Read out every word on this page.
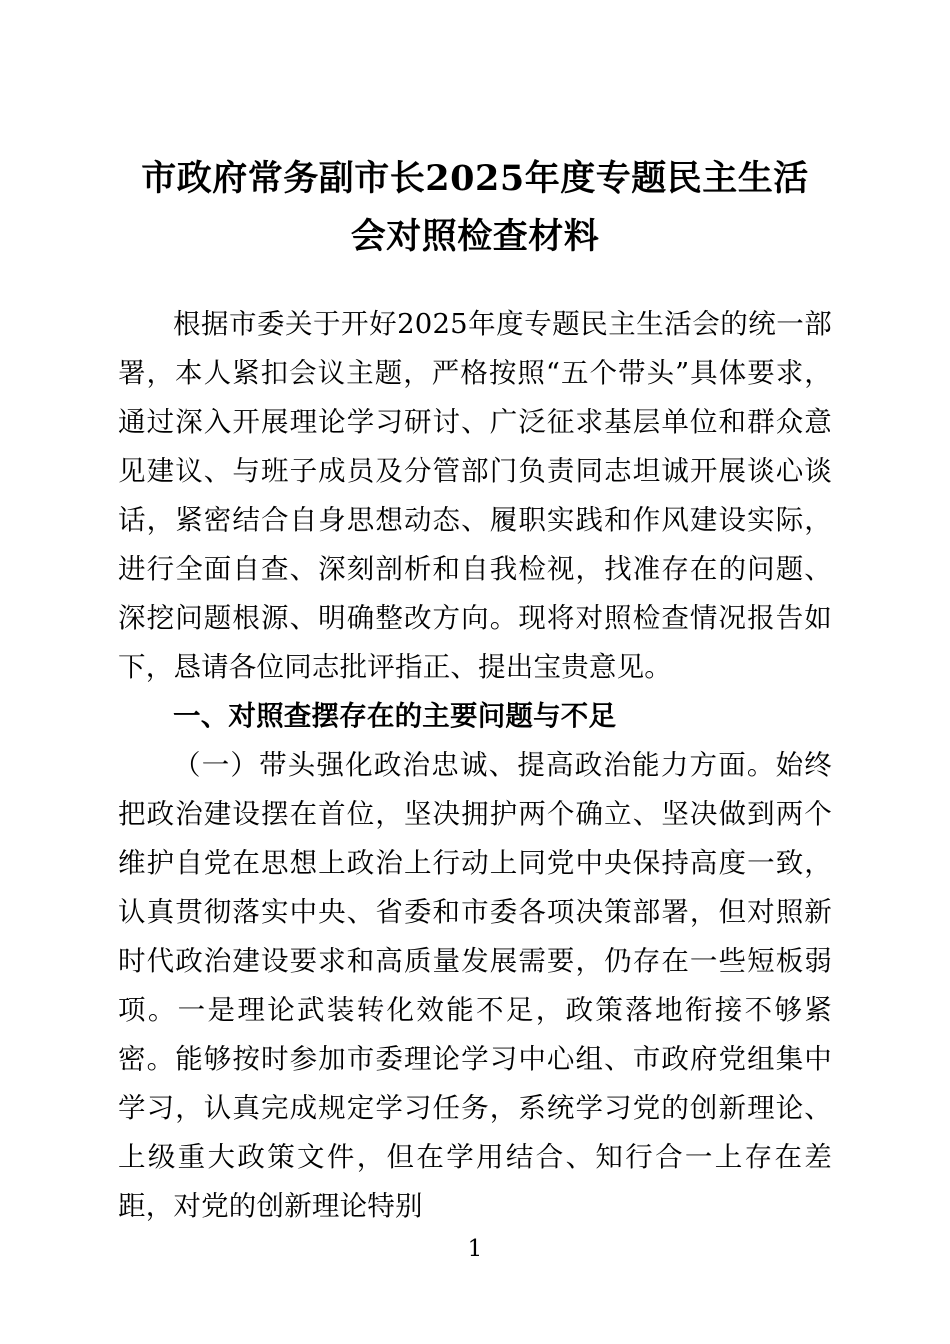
市政府常务副市长2025年度专题民主生活会对照检查材料

根据市委关于开好2025年度专题民主生活会的统一部署，本人紧扣会议主题，严格按照“五个带头”具体要求，通过深入开展理论学习研讨、广泛征求基层单位和群众意见建议、与班子成员及分管部门负责同志坦诚开展谈心谈话，紧密结合自身思想动态、履职实践和作风建设实际，进行全面自查、深刻剖析和自我检视，找准存在的问题、深挖问题根源、明确整改方向。现将对照检查情况报告如下，恳请各位同志批评指正、提出宝贵意见。

一、对照查摆存在的主要问题与不足

（一）带头强化政治忠诚、提高政治能力方面。始终把政治建设摆在首位，坚决拥护两个确立、坚决做到两个维护自党在思想上政治上行动上同党中央保持高度一致，认真贯彻落实中央、省委和市委各项决策部署，但对照新时代政治建设要求和高质量发展需要，仍存在一些短板弱项。一是理论武装转化效能不足，政策落地衔接不够紧密。能够按时参加市委理论学习中心组、市政府党组集中学习，认真完成规定学习任务，系统学习党的创新理论、上级重大政策文件，但在学用结合、知行合一上存在差距，对党的创新理论特别

1
